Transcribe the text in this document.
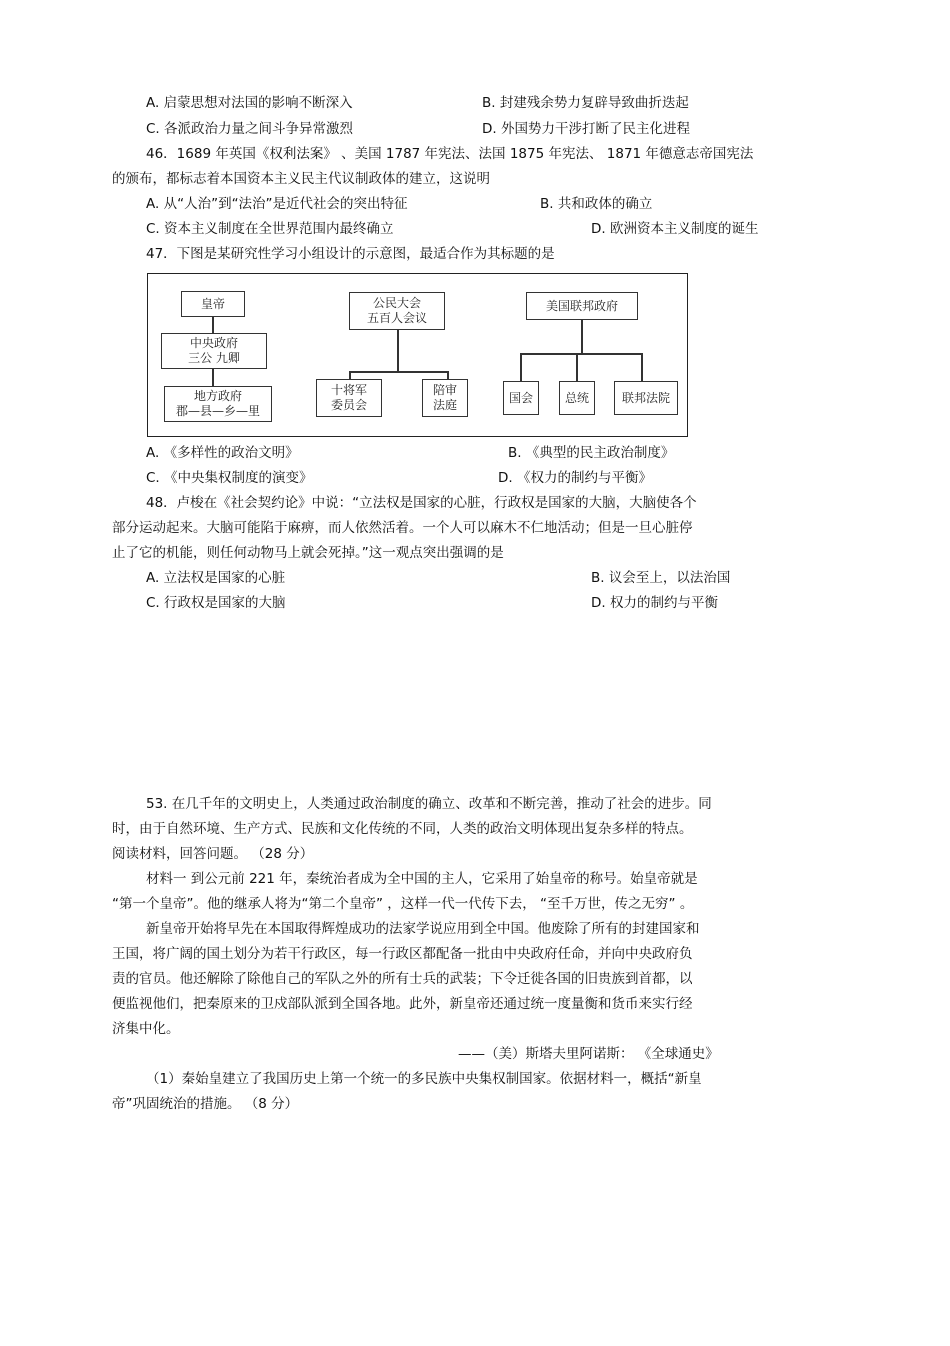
A. 启蒙思想对法国的影响不断深入	B. 封建残余势力复辟导致曲折迭起
C. 各派政治力量之间斗争异常激烈	D. 外国势力干涉打断了民主化进程
46．1689 年英国《权利法案》 、美国 1787 年宪法、法国 1875 年宪法、 1871 年德意志帝国宪法
的颁布，都标志着本国资本主义民主代议制政体的建立，这说明
A. 从“人治”到“法治”是近代社会的突出特征	B. 共和政体的确立
C. 资本主义制度在全世界范围内最终确立	D. 欧洲资本主义制度的诞生
47．下图是某研究性学习小组设计的示意图，最适合作为其标题的是
皇帝
中央政府
三公 九卿
地方政府
郡—县—乡—里
公民大会
五百人会议
十将军
委员会
陪审
法庭
美国联邦政府
国会	总统	联邦法院
A. 《多样性的政治文明》	B. 《典型的民主政治制度》
C. 《中央集权制度的演变》	D. 《权力的制约与平衡》
48．卢梭在《社会契约论》中说：“立法权是国家的心脏，行政权是国家的大脑，大脑使各个
部分运动起来。大脑可能陷于麻痹，而人依然活着。一个人可以麻木不仁地活动；但是一旦心脏停
止了它的机能，则任何动物马上就会死掉。”这一观点突出强调的是
A. 立法权是国家的心脏	B. 议会至上，以法治国
C. 行政权是国家的大脑	D. 权力的制约与平衡
53. 在几千年的文明史上，人类通过政治制度的确立、改革和不断完善，推动了社会的进步。同
时，由于自然环境、生产方式、民族和文化传统的不同，人类的政治文明体现出复杂多样的特点。
阅读材料，回答问题。 （28 分）
材料一 到公元前 221 年，秦统治者成为全中国的主人，它采用了始皇帝的称号。始皇帝就是
“第一个皇帝”。他的继承人将为“第二个皇帝” ，这样一代一代传下去， “至千万世，传之无穷” 。
新皇帝开始将早先在本国取得辉煌成功的法家学说应用到全中国。他废除了所有的封建国家和
王国，将广阔的国土划分为若干行政区，每一行政区都配备一批由中央政府任命，并向中央政府负
责的官员。他还解除了除他自己的军队之外的所有士兵的武装；下令迁徙各国的旧贵族到首都，以
便监视他们，把秦原来的卫戍部队派到全国各地。此外，新皇帝还通过统一度量衡和货币来实行经
济集中化。
——（美）斯塔夫里阿诺斯： 《全球通史》
（1）秦始皇建立了我国历史上第一个统一的多民族中央集权制国家。依据材料一，概括“新皇
帝”巩固统治的措施。 （8 分）
